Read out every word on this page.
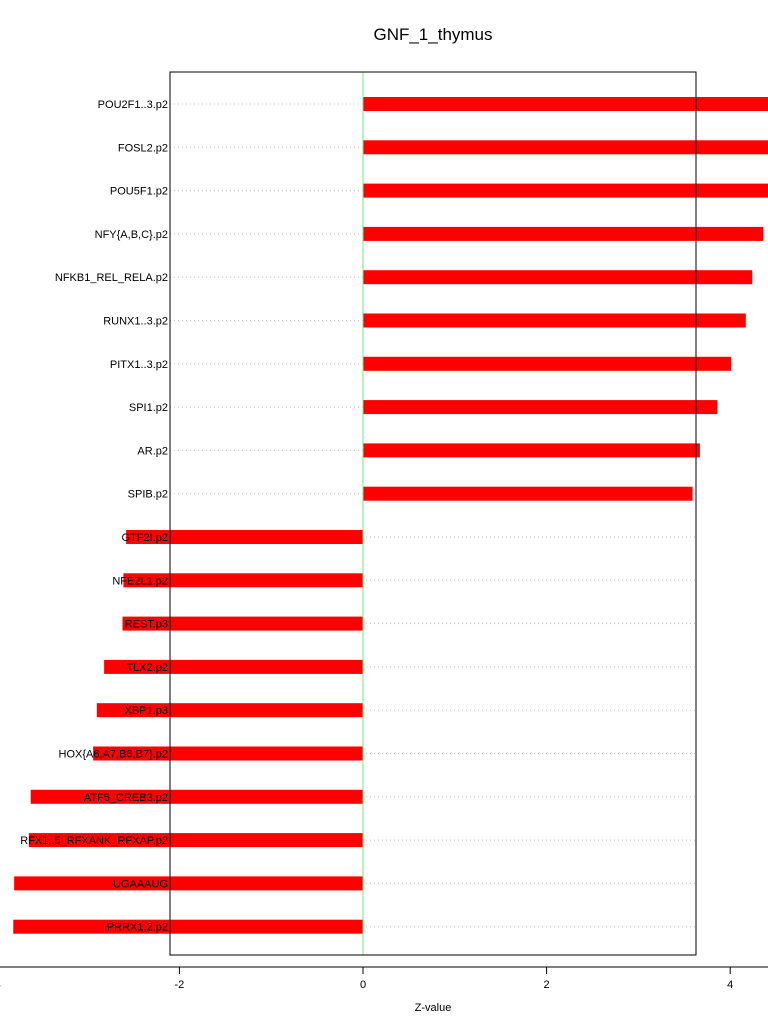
GNF_1_thymus
POU2F1..3.p2
FOSL2.p2
POU5F1.p2
NFY{A,B,C}.p2
NFKB1_REL_RELA.p2
RUNX1..3.p2
PITX1..3.p2
SPI1.p2
AR.p2
SPIB.p2
GTF2I.p2
NFE2L1.p2
REST.p3
TLX2.p2
XBP1.p3
HOX{A6,A7,B6,B7}.p2
ATF5_CREB3.p2
RFX1..5_RFXANK_RFXAP.p2
UGAAAUG
PRRX1,2.p2
-2	0	2	4
Z-value
